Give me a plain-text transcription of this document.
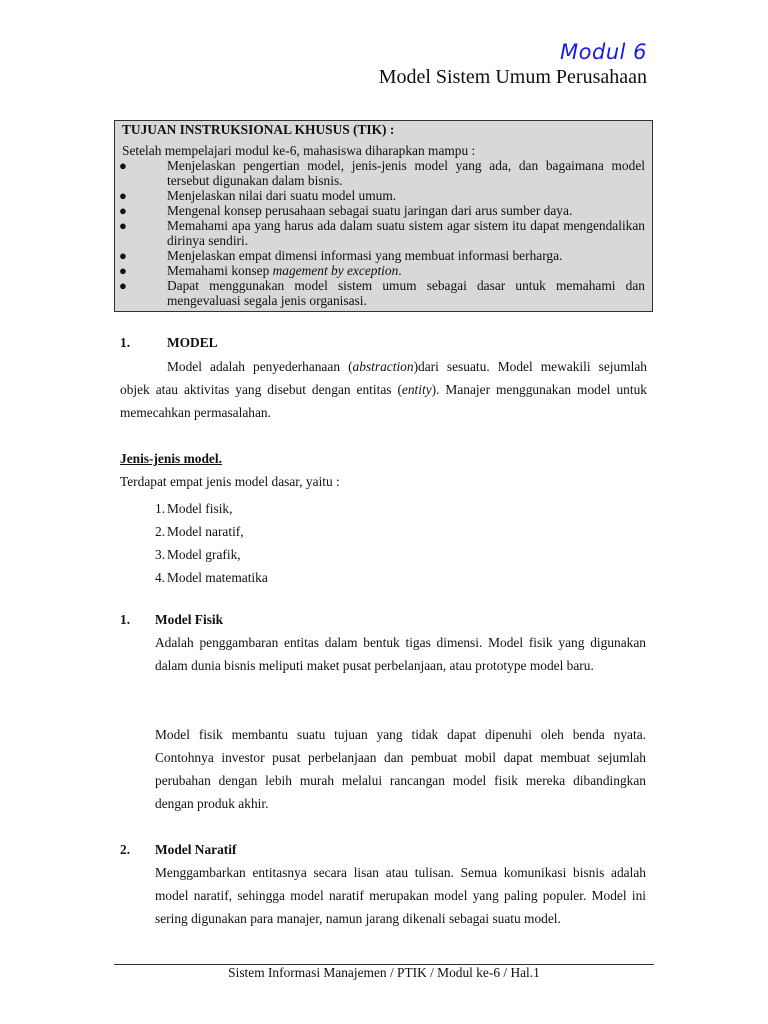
Modul 6
Model Sistem Umum Perusahaan
TUJUAN INSTRUKSIONAL KHUSUS (TIK) :
Setelah mempelajari modul ke-6, mahasiswa diharapkan mampu :
●	Menjelaskan pengertian model, jenis-jenis model yang ada, dan bagaimana model tersebut digunakan dalam bisnis.
●	Menjelaskan nilai dari suatu model umum.
●	Mengenal konsep perusahaan sebagai suatu jaringan dari arus sumber daya.
●	Memahami apa yang harus ada dalam suatu sistem agar sistem itu dapat mengendalikan dirinya sendiri.
●	Menjelaskan empat dimensi informasi yang membuat informasi berharga.
●	Memahami konsep magement by exception.
●	Dapat menggunakan model sistem umum sebagai dasar untuk memahami dan mengevaluasi segala jenis organisasi.
1.	MODEL
Model adalah penyederhanaan (abstraction)dari sesuatu. Model mewakili sejumlah objek atau aktivitas yang disebut dengan entitas (entity). Manajer menggunakan model untuk memecahkan permasalahan.
Jenis-jenis model.
Terdapat empat jenis model dasar, yaitu :
1. Model fisik,
2. Model naratif,
3. Model grafik,
4. Model matematika
1. Model Fisik
Adalah penggambaran entitas dalam bentuk tigas dimensi. Model fisik yang digunakan dalam dunia bisnis meliputi maket pusat perbelanjaan, atau prototype model baru.
Model fisik membantu suatu tujuan yang tidak dapat dipenuhi oleh benda nyata. Contohnya investor pusat perbelanjaan dan pembuat mobil dapat membuat sejumlah perubahan dengan lebih murah melalui rancangan model fisik mereka dibandingkan dengan produk akhir.
2. Model Naratif
Menggambarkan entitasnya secara lisan atau tulisan. Semua komunikasi bisnis adalah model naratif, sehingga model naratif merupakan model yang paling populer. Model ini sering digunakan para manajer, namun jarang dikenali sebagai suatu model.
Sistem Informasi Manajemen / PTIK / Modul ke-6 / Hal.1
